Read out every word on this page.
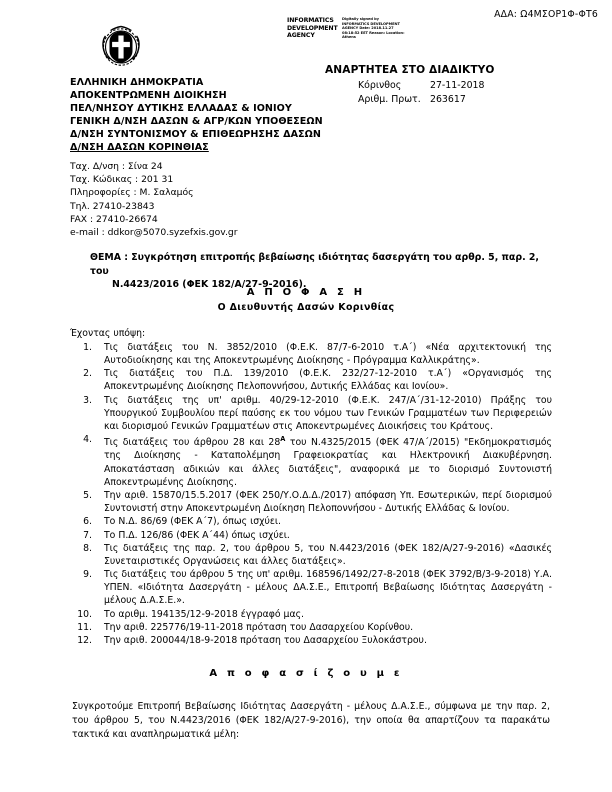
ΑΔΑ: Ω4ΜΣΟΡ1Φ-ΦΤ6
INFORMATICS DEVELOPMENT AGENCY
Digitally signed by INFORMATICS DEVELOPMENT AGENCY Date: 2018.11.27 08:18:52 EET Reason: Location: Athens
ΑΝΑΡΤΗΤΕΑ ΣΤΟ ΔΙΑΔΙΚΤΥΟ
Κόρινθος	27-11-2018
Αριθμ. Πρωτ. 263617
ΕΛΛΗΝΙΚΗ ΔΗΜΟΚΡΑΤΙΑ
ΑΠΟΚΕΝΤΡΩΜΕΝΗ ΔΙΟΙΚΗΣΗ
ΠΕΛ/ΝΗΣΟΥ ΔΥΤΙΚΗΣ ΕΛΛΑΔΑΣ & ΙΟΝΙΟΥ
ΓΕΝΙΚΗ Δ/ΝΣΗ ΔΑΣΩΝ & ΑΓΡ/ΚΩΝ ΥΠΟΘΕΣΕΩΝ
Δ/ΝΣΗ ΣΥΝΤΟΝΙΣΜΟΥ & ΕΠΙΘΕΩΡΗΣΗΣ ΔΑΣΩΝ
Δ/ΝΣΗ ΔΑΣΩΝ ΚΟΡΙΝΘΙΑΣ
Ταχ. Δ/νση : Σίνα 24
Ταχ. Κώδικας : 201 31
Πληροφορίες : Μ. Σαλαμός
Τηλ. 27410-23843
FAX : 27410-26674
e-mail : ddkor@5070.syzefxis.gov.gr
ΘΕΜΑ : Συγκρότηση επιτροπής βεβαίωσης ιδιότητας δασεργάτη του αρθρ. 5, παρ. 2, του
Ν.4423/2016 (ΦΕΚ 182/Α/27-9-2016).
Α Π Ο Φ Α Σ Η
Ο Διευθυντής Δασών Κορινθίας
Έχοντας υπόψη:
1.	Τις διατάξεις του Ν. 3852/2010 (Φ.Ε.Κ. 87/7-6-2010 τ.Α΄) «Νέα αρχιτεκτονική της Αυτοδιοίκησης και της Αποκεντρωμένης Διοίκησης - Πρόγραμμα Καλλικράτης».
2.	Τις διατάξεις του Π.Δ. 139/2010 (Φ.Ε.Κ. 232/27-12-2010 τ.Α΄) «Οργανισμός της Αποκεντρωμένης Διοίκησης Πελοποννήσου, Δυτικής Ελλάδας και Ιονίου».
3.	Τις διατάξεις της υπ' αριθμ. 40/29-12-2010 (Φ.Ε.Κ. 247/Α΄/31-12-2010) Πράξης του Υπουργικού Συμβουλίου περί παύσης εκ του νόμου των Γενικών Γραμματέων των Περιφερειών και διορισμού Γενικών Γραμματέων στις Αποκεντρωμένες Διοικήσεις του Κράτους.
4.	Τις διατάξεις του άρθρου 28 και $28^A$ του Ν.4325/2015 (ΦΕΚ 47/Α΄/2015) "Εκδημοκρατισμός της Διοίκησης - Καταπολέμηση Γραφειοκρατίας και Ηλεκτρονική Διακυβέρνηση. Αποκατάσταση αδικιών και άλλες διατάξεις", αναφορικά με το διορισμό Συντονιστή Αποκεντρωμένης Διοίκησης.
5.	Την αριθ. 15870/15.5.2017 (ΦΕΚ 250/Υ.Ο.Δ.Δ./2017) απόφαση Υπ. Εσωτερικών, περί διορισμού Συντονιστή στην Αποκεντρωμένη Διοίκηση Πελοποννήσου - Δυτικής Ελλάδας & Ιονίου.
6.	Το Ν.Δ. 86/69 (ΦΕΚ Α΄7), όπως ισχύει.
7.	Το Π.Δ. 126/86 (ΦΕΚ Α΄44) όπως ισχύει.
8.	Τις διατάξεις της παρ. 2, του άρθρου 5, του Ν.4423/2016 (ΦΕΚ 182/Α/27-9-2016) «Δασικές Συνεταιριστικές Οργανώσεις και άλλες διατάξεις».
9.	Τις διατάξεις του άρθρου 5 της υπ' αριθμ. 168596/1492/27-8-2018 (ΦΕΚ 3792/Β/3-9-2018) Υ.Α. ΥΠΕΝ. «Ιδιότητα Δασεργάτη - μέλους ΔΑ.Σ.Ε., Επιτροπή Βεβαίωσης Ιδιότητας Δασεργάτη - μέλους Δ.Α.Σ.Ε.».
10.	Το αριθμ. 194135/12-9-2018 έγγραφό μας.
11.	Την αριθ. 225776/19-11-2018 πρόταση του Δασαρχείου Κορίνθου.
12.	Την αριθ. 200044/18-9-2018 πρόταση του Δασαρχείου Ξυλοκάστρου.
Α π ο φ α σ ί ζ ο υ μ ε
Συγκροτούμε Επιτροπή Βεβαίωσης Ιδιότητας Δασεργάτη - μέλους Δ.Α.Σ.Ε., σύμφωνα με την παρ. 2, του άρθρου 5, του Ν.4423/2016 (ΦΕΚ 182/Α/27-9-2016), την οποία θα απαρτίζουν τα παρακάτω τακτικά και αναπληρωματικά μέλη:
